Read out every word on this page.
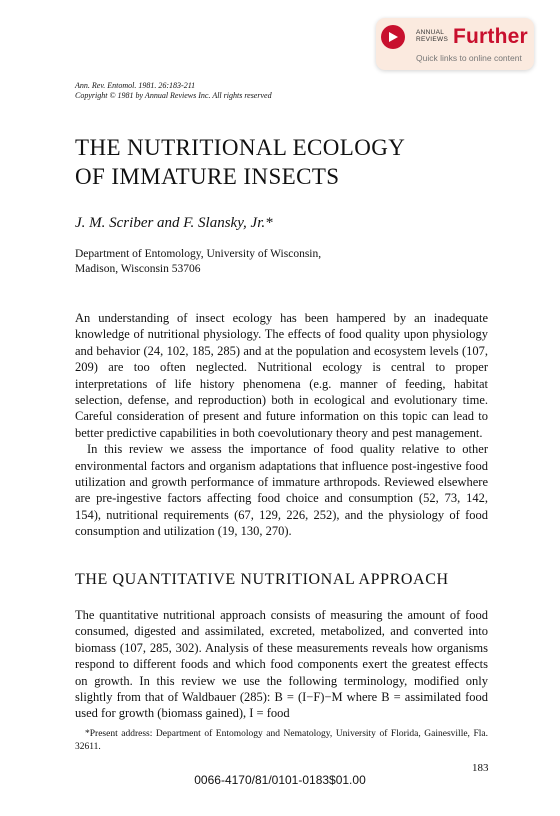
ANNUAL
REVIEWS Further
Quick links to online content
Ann. Rev. Entomol. 1981. 26:183-211
Copyright © 1981 by Annual Reviews Inc. All rights reserved
THE NUTRITIONAL ECOLOGY
OF IMMATURE INSECTS
J. M. Scriber and F. Slansky, Jr.*
Department of Entomology, University of Wisconsin,
Madison, Wisconsin 53706

An understanding of insect ecology has been hampered by an inadequate knowledge of nutritional physiology. The effects of food quality upon physiology and behavior (24, 102, 185, 285) and at the population and ecosystem levels (107, 209) are too often neglected. Nutritional ecology is central to proper interpretations of life history phenomena (e.g. manner of feeding, habitat selection, defense, and reproduction) both in ecological and evolutionary time. Careful consideration of present and future information on this topic can lead to better predictive capabilities in both coevolutionary theory and pest management.

In this review we assess the importance of food quality relative to other environmental factors and organism adaptations that influence post-ingestive food utilization and growth performance of immature arthropods. Reviewed elsewhere are pre-ingestive factors affecting food choice and consumption (52, 73, 142, 154), nutritional requirements (67, 129, 226, 252), and the physiology of food consumption and utilization (19, 130, 270).

THE QUANTITATIVE NUTRITIONAL APPROACH

The quantitative nutritional approach consists of measuring the amount of food consumed, digested and assimilated, excreted, metabolized, and converted into biomass (107, 285, 302). Analysis of these measurements reveals how organisms respond to different foods and which food components exert the greatest effects on growth. In this review we use the following terminology, modified only slightly from that of Waldbauer (285): B = (I−F)−M where B = assimilated food used for growth (biomass gained), I = food

*Present address: Department of Entomology and Nematology, University of Florida, Gainesville, Fla. 32611.

183
0066-4170/81/0101-0183$01.00
